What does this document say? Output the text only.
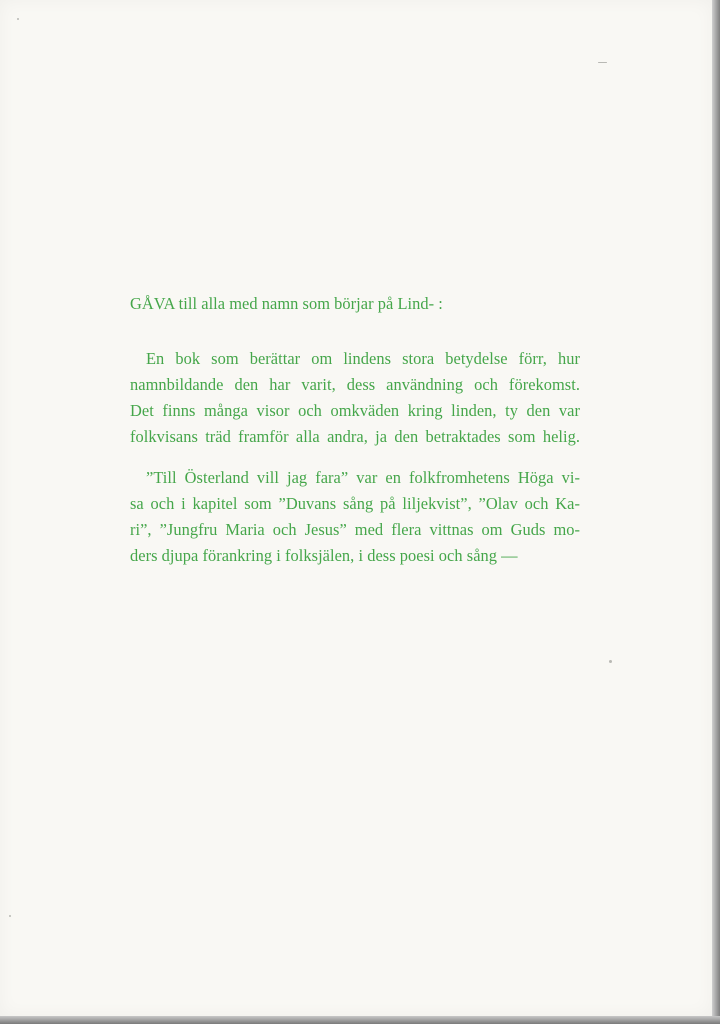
GÅVA till alla med namn som börjar på Lind- :

En bok som berättar om lindens stora betydelse förr, hur
namnbildande den har varit, dess användning och förekomst.
Det finns många visor och omkväden kring linden, ty den var
folkvisans träd framför alla andra, ja den betraktades som helig.

”Till Österland vill jag fara” var en folkfromhetens Höga vi-
sa och i kapitel som ”Duvans sång på liljekvist”, ”Olav och Ka-
ri”, ”Jungfru Maria och Jesus” med flera vittnas om Guds mo-
ders djupa förankring i folksjälen, i dess poesi och sång —
